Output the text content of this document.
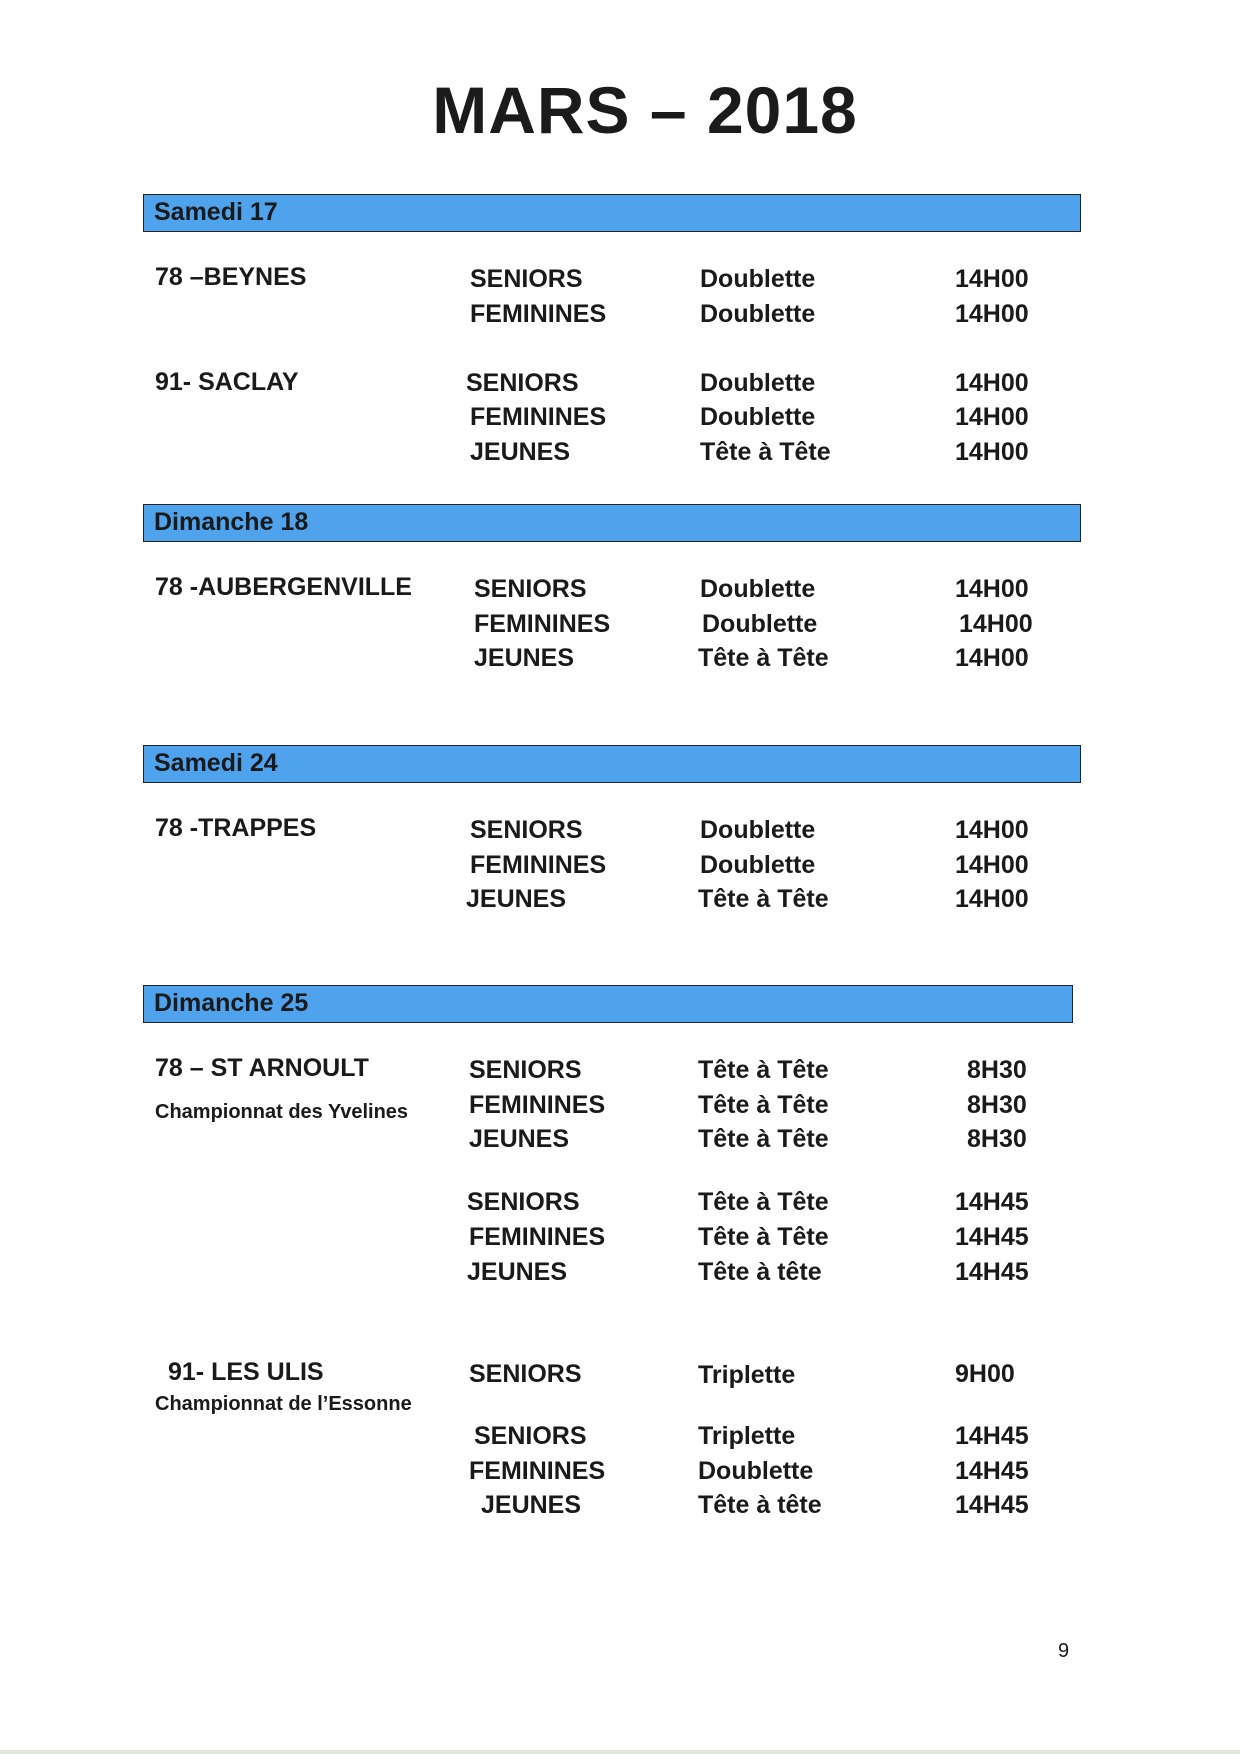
MARS – 2018
Samedi 17
78 –BEYNES	SENIORS	Doublette	14H00
FEMININES	Doublette	14H00
91- SACLAY	SENIORS	Doublette	14H00
FEMININES	Doublette	14H00
JEUNES	Tête à Tête	14H00
Dimanche 18
78 -AUBERGENVILLE SENIORS	Doublette	14H00
FEMININES	Doublette	14H00
JEUNES	Tête à Tête	14H00
Samedi 24
78 -TRAPPES	SENIORS	Doublette	14H00
FEMININES	Doublette	14H00
JEUNES	Tête à Tête	14H00
Dimanche 25
78 – ST ARNOULT
Championnat des Yvelines
SENIORS	Tête à Tête	8H30
FEMININES	Tête à Tête	8H30
JEUNES	Tête à Tête	8H30
SENIORS	Tête à Tête	14H45
FEMININES	Tête à Tête	14H45
JEUNES	Tête à tête	14H45
91- LES ULIS
Championnat de l’Essonne
SENIORS	Triplette	9H00
SENIORS	Triplette	14H45
FEMININES	Doublette	14H45
JEUNES	Tête à tête	14H45
9
